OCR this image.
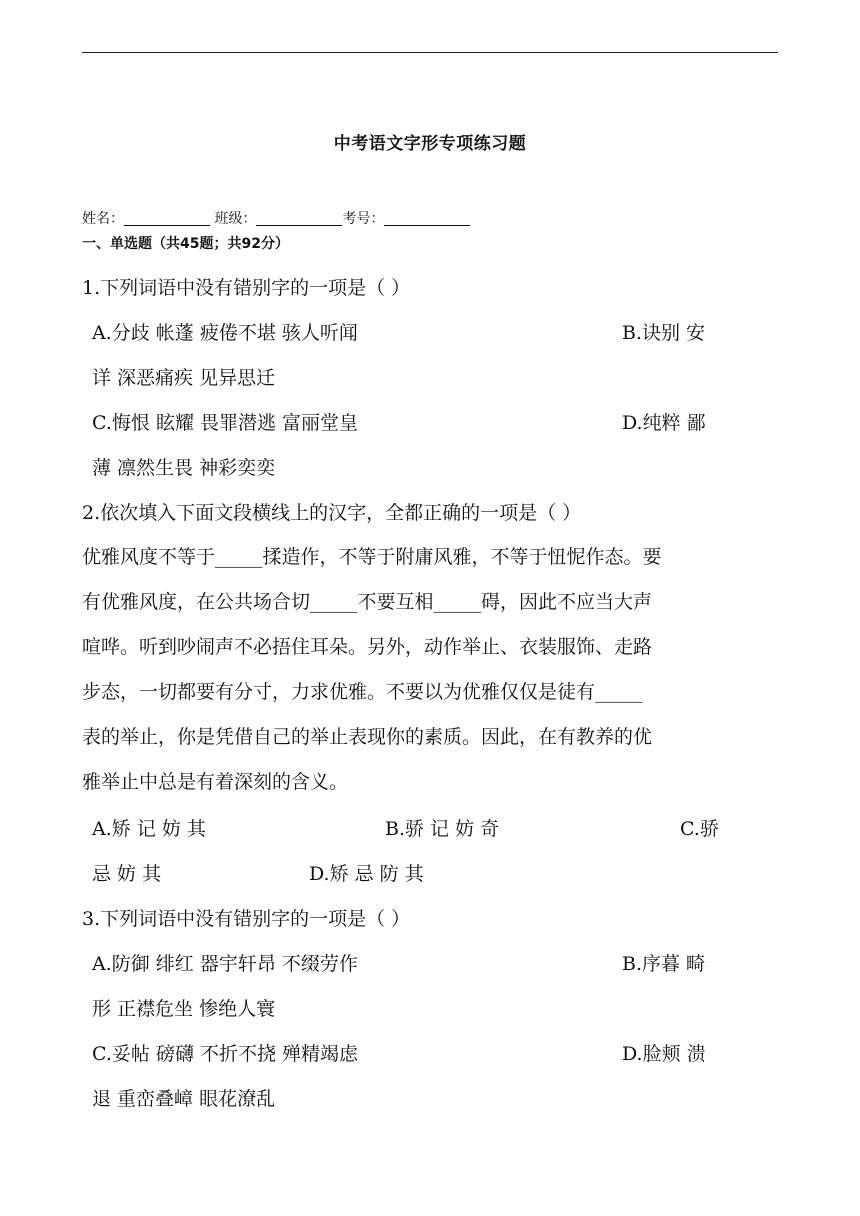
中考语文字形专项练习题
姓名：	班级：	考号：
一、单选题（共45题；共92分）
1.下列词语中没有错别字的一项是（ ）
A.分歧 帐蓬 疲倦不堪 骇人听闻	B.诀别 安
详 深恶痛疾 见异思迁
C.悔恨 眩耀 畏罪潜逃 富丽堂皇	D.纯粹 鄙
薄 凛然生畏 神彩奕奕
2.依次填入下面文段横线上的汉字，全都正确的一项是（ ）
优雅风度不等于_____揉造作，不等于附庸风雅，不等于忸怩作态。要
有优雅风度，在公共场合切_____不要互相_____碍，因此不应当大声
喧哗。听到吵闹声不必捂住耳朵。另外，动作举止、衣装服饰、走路
步态，一切都要有分寸，力求优雅。不要以为优雅仅仅是徒有_____
表的举止，你是凭借自己的举止表现你的素质。因此，在有教养的优
雅举止中总是有着深刻的含义。
A.矫 记 妨 其	B.骄 记 妨 奇	C.骄
忌 妨 其	D.矫 忌 防 其
3.下列词语中没有错别字的一项是（ ）
A.防御 绯红 器宇轩昂 不缀劳作	B.序暮 畸
形 正襟危坐 惨绝人寰
C.妥帖 磅礴 不折不挠 殚精竭虑	D.脸颊 溃
退 重峦叠嶂 眼花潦乱
